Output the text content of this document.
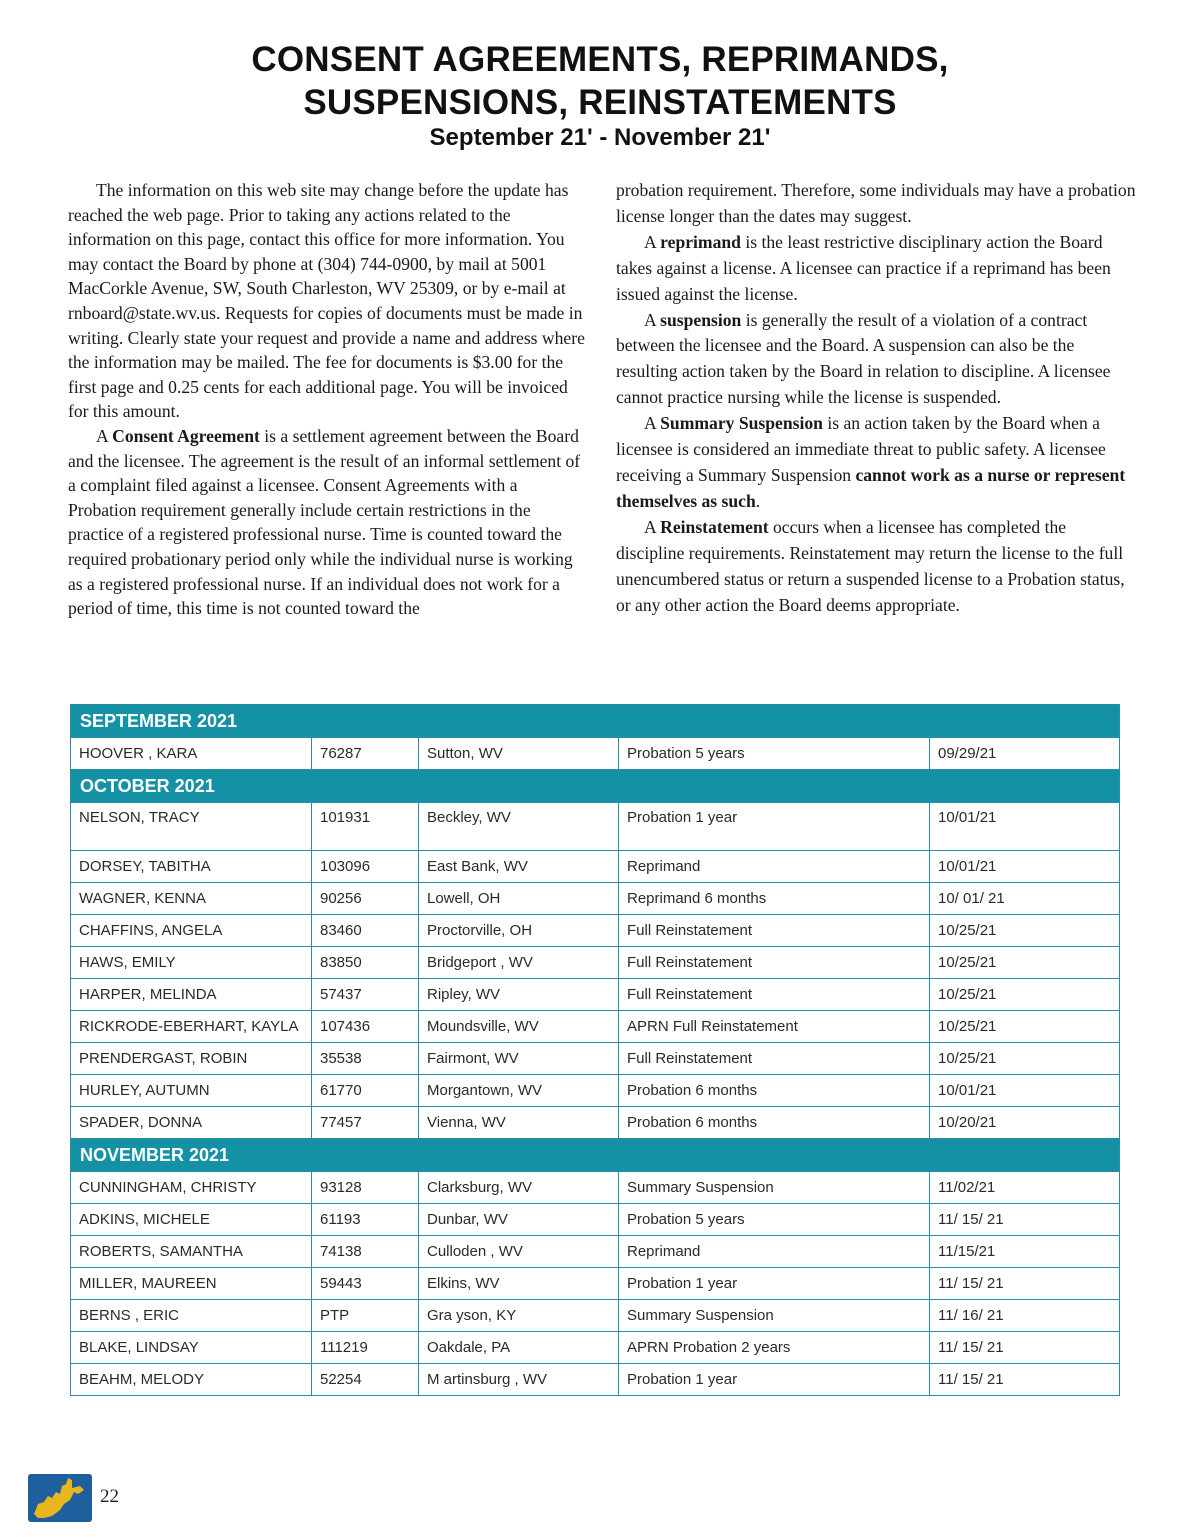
CONSENT AGREEMENTS, REPRIMANDS,
SUSPENSIONS, REINSTATEMENTS
September 21' - November 21'

The information on this web site may change before the update has reached the web page. Prior to taking any actions related to the information on this page, contact this office for more information. You may contact the Board by phone at (304) 744-0900, by mail at 5001 MacCorkle Avenue, SW, South Charleston, WV 25309, or by e-mail at rnboard@state.wv.us. Requests for copies of documents must be made in writing. Clearly state your request and provide a name and address where the information may be mailed. The fee for documents is $3.00 for the first page and 0.25 cents for each additional page. You will be invoiced for this amount.

A Consent Agreement is a settlement agreement between the Board and the licensee. The agreement is the result of an informal settlement of a complaint filed against a licensee. Consent Agreements with a Probation requirement generally include certain restrictions in the practice of a registered professional nurse. Time is counted toward the required probationary period only while the individual nurse is working as a registered professional nurse. If an individual does not work for a period of time, this time is not counted toward the

probation requirement. Therefore, some individuals may have a probation license longer than the dates may suggest.

A reprimand is the least restrictive disciplinary action the Board takes against a license. A licensee can practice if a reprimand has been issued against the license.

A suspension is generally the result of a violation of a contract between the licensee and the Board. A suspension can also be the resulting action taken by the Board in relation to discipline. A licensee cannot practice nursing while the license is suspended.

A Summary Suspension is an action taken by the Board when a licensee is considered an immediate threat to public safety. A licensee receiving a Summary Suspension cannot work as a nurse or represent themselves as such.

A Reinstatement occurs when a licensee has completed the discipline requirements. Reinstatement may return the license to the full unencumbered status or return a suspended license to a Probation status, or any other action the Board deems appropriate.

SEPTEMBER 2021				
HOOVER , KARA	76287	Sutton, WV	Probation 5 years	09/29/21
OCTOBER 2021				
NELSON, TRACY	101931	Beckley, WV	Probation 1 year	10/01/21
DORSEY, TABITHA	103096	East Bank, WV	Reprimand	10/01/21
WAGNER, KENNA	90256	Lowell, OH	Reprimand 6 months	10/ 01/ 21
CHAFFINS, ANGELA	83460	Proctorville, OH	Full Reinstatement	10/25/21
HAWS, EMILY	83850	Bridgeport , WV	Full Reinstatement	10/25/21
HARPER, MELINDA	57437	Ripley, WV	Full Reinstatement	10/25/21
RICKRODE-EBERHART, KAYLA	107436	Moundsville, WV	APRN Full Reinstatement	10/25/21
PRENDERGAST, ROBIN	35538	Fairmont, WV	Full Reinstatement	10/25/21
HURLEY, AUTUMN	61770	Morgantown, WV	Probation 6 months	10/01/21
SPADER, DONNA	77457	Vienna, WV	Probation 6 months	10/20/21
NOVEMBER 2021				
CUNNINGHAM, CHRISTY	93128	Clarksburg, WV	Summary Suspension	11/02/21
ADKINS, MICHELE	61193	Dunbar, WV	Probation 5 years	11/ 15/ 21
ROBERTS, SAMANTHA	74138	Culloden , WV	Reprimand	11/15/21
MILLER, MAUREEN	59443	Elkins, WV	Probation 1 year	11/ 15/ 21
BERNS , ERIC	PTP	Gra yson, KY	Summary Suspension	11/ 16/ 21
BLAKE, LINDSAY	111219	Oakdale, PA	APRN Probation 2 years	11/ 15/ 21
BEAHM, MELODY	52254	M artinsburg , WV	Probation 1 year	11/ 15/ 21
22
